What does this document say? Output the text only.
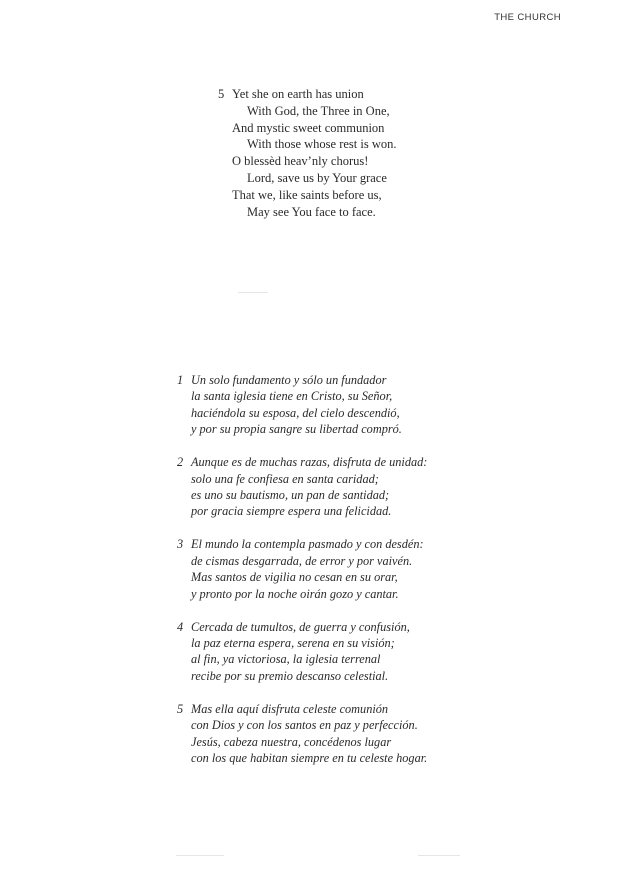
THE CHURCH
5 Yet she on earth has union
With God, the Three in One,
And mystic sweet communion
With those whose rest is won.
O blessèd heav’nly chorus!
Lord, save us by Your grace
That we, like saints before us,
May see You face to face.
1 Un solo fundamento y sólo un fundador
la santa iglesia tiene en Cristo, su Señor,
haciéndola su esposa, del cielo descendió,
y por su propia sangre su libertad compró.
2 Aunque es de muchas razas, disfruta de unidad:
solo una fe confiesa en santa caridad;
es uno su bautismo, un pan de santidad;
por gracia siempre espera una felicidad.
3 El mundo la contempla pasmado y con desdén:
de cismas desgarrada, de error y por vaivén.
Mas santos de vigilia no cesan en su orar,
y pronto por la noche oirán gozo y cantar.
4 Cercada de tumultos, de guerra y confusión,
la paz eterna espera, serena en su visión;
al fin, ya victoriosa, la iglesia terrenal
recibe por su premio descanso celestial.
5 Mas ella aquí disfruta celeste comunión
con Dios y con los santos en paz y perfección.
Jesús, cabeza nuestra, concédenos lugar
con los que habitan siempre en tu celeste hogar.
